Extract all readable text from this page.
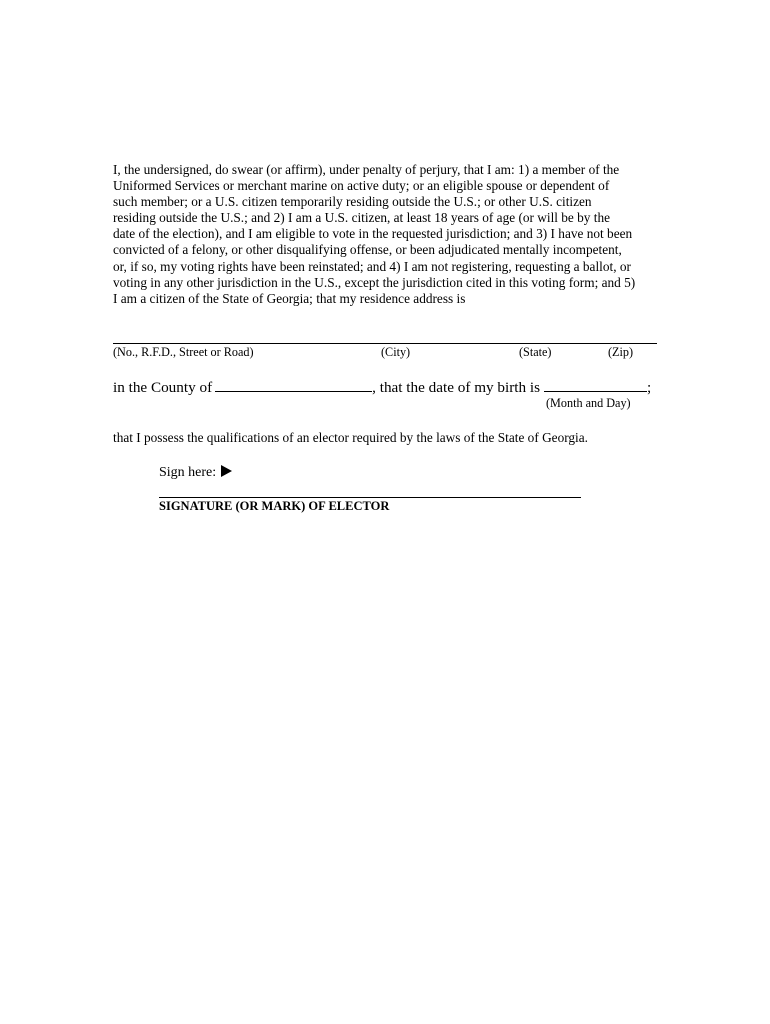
I, the undersigned, do swear (or affirm), under penalty of perjury, that I am: 1) a member of the
Uniformed Services or merchant marine on active duty; or an eligible spouse or dependent of
such member; or a U.S. citizen temporarily residing outside the U.S.; or other U.S. citizen
residing outside the U.S.; and 2) I am a U.S. citizen, at least 18 years of age (or will be by the
date of the election), and I am eligible to vote in the requested jurisdiction; and 3) I have not been
convicted of a felony, or other disqualifying offense, or been adjudicated mentally incompetent,
or, if so, my voting rights have been reinstated; and 4) I am not registering, requesting a ballot, or
voting in any other jurisdiction in the U.S., except the jurisdiction cited in this voting form; and 5)
I am a citizen of the State of Georgia; that my residence address is

(No., R.F.D., Street or Road)	(City)	(State)	(Zip)
in the County of	, that the date of my birth is	;
(Month and Day)

that I possess the qualifications of an elector required by the laws of the State of Georgia.

Sign here:
SIGNATURE (OR MARK) OF ELECTOR
